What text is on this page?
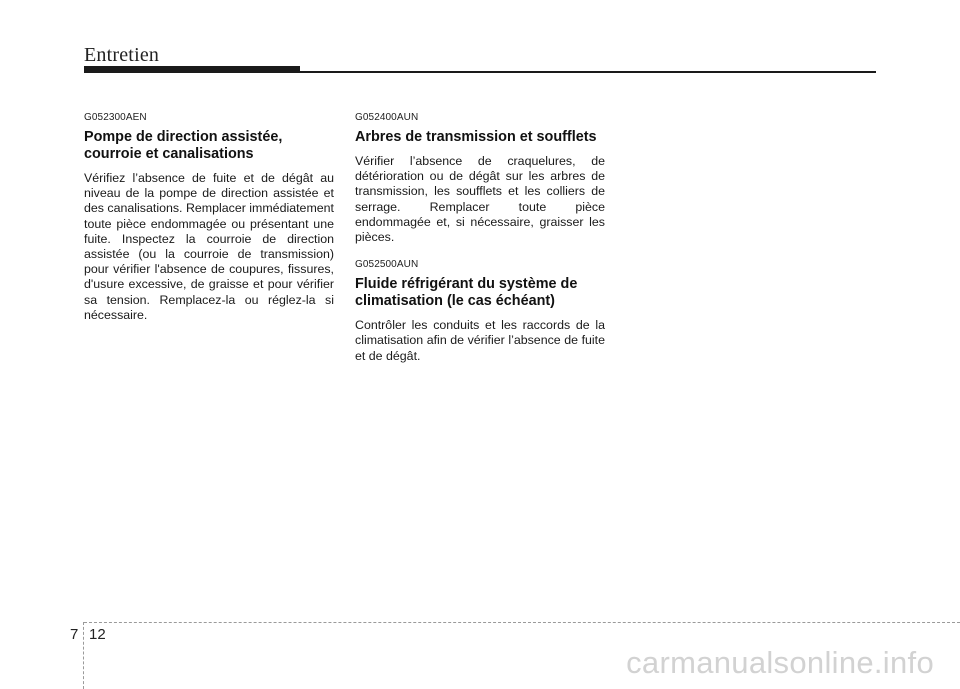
Entretien

G052300AEN

Pompe de direction assistée, courroie et canalisations

Vérifiez l’absence de fuite et de dégât au niveau de la pompe de direction assistée et des canalisations. Remplacer immédiatement toute pièce endommagée ou présentant une fuite. Inspectez la courroie de direction assistée (ou la courroie de transmission) pour vérifier l'absence de coupures, fissures, d'usure excessive, de graisse et pour vérifier sa tension. Remplacez-la ou réglez-la si nécessaire.

G052400AUN

Arbres de transmission et soufflets

Vérifier l’absence de craquelures, de détérioration ou de dégât sur les arbres de transmission, les soufflets et les colliers de serrage. Remplacer toute pièce endommagée et, si nécessaire, graisser les pièces.

G052500AUN

Fluide réfrigérant du système de climatisation (le cas échéant)

Contrôler les conduits et les raccords de la climatisation afin de vérifier l’absence de fuite et de dégât.

7 12
carmanualsonline.info
